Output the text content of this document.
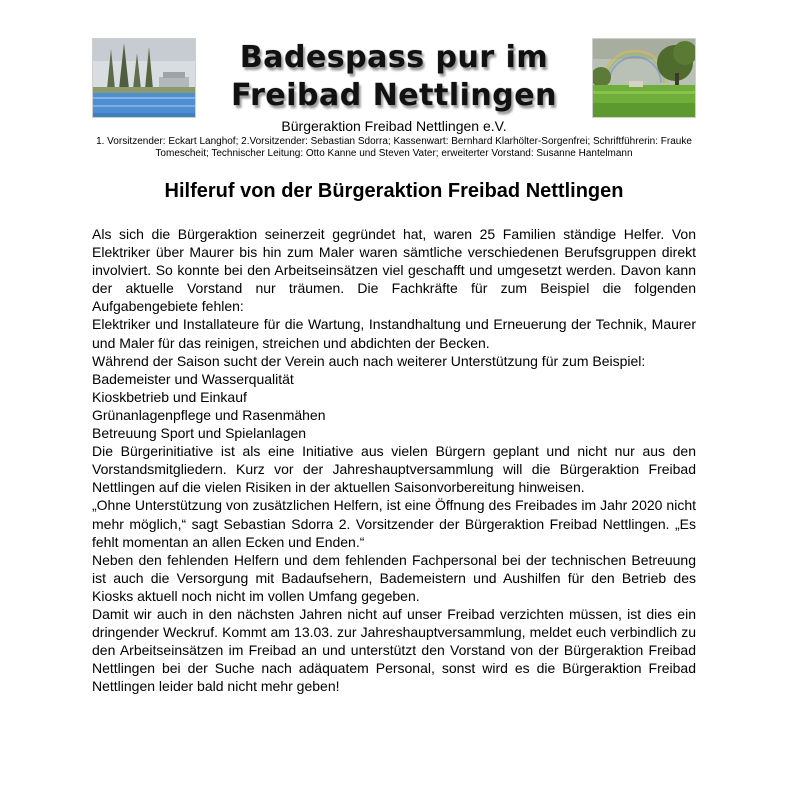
Badespass pur im
Freibad Nettlingen
Bürgeraktion Freibad Nettlingen e.V.
1. Vorsitzender: Eckart Langhof; 2.Vorsitzender: Sebastian Sdorra; Kassenwart: Bernhard Klarhölter-Sorgenfrei; Schriftführerin: Frauke Tomescheit; Technischer Leitung: Otto Kanne und Steven Vater; erweiterter Vorstand: Susanne Hantelmann
Hilferuf von der Bürgeraktion Freibad Nettlingen

Als sich die Bürgeraktion seinerzeit gegründet hat, waren 25 Familien ständige Helfer. Von Elektriker über Maurer bis hin zum Maler waren sämtliche verschiedenen Berufsgruppen direkt involviert. So konnte bei den Arbeitseinsätzen viel geschafft und umgesetzt werden. Davon kann der aktuelle Vorstand nur träumen. Die Fachkräfte für zum Beispiel die folgenden Aufgabengebiete fehlen:

Elektriker und Installateure für die Wartung, Instandhaltung und Erneuerung der Technik, Maurer und Maler für das reinigen, streichen und abdichten der Becken.

Während der Saison sucht der Verein auch nach weiterer Unterstützung für zum Beispiel:

Bademeister und Wasserqualität

Kioskbetrieb und Einkauf

Grünanlagenpflege und Rasenmähen

Betreuung Sport und Spielanlagen

Die Bürgerinitiative ist als eine Initiative aus vielen Bürgern geplant und nicht nur aus den Vorstandsmitgliedern. Kurz vor der Jahreshauptversammlung will die Bürgeraktion Freibad Nettlingen auf die vielen Risiken in der aktuellen Saisonvorbereitung hinweisen.

„Ohne Unterstützung von zusätzlichen Helfern, ist eine Öffnung des Freibades im Jahr 2020 nicht mehr möglich,“ sagt Sebastian Sdorra 2. Vorsitzender der Bürgeraktion Freibad Nettlingen. „Es fehlt momentan an allen Ecken und Enden.“

Neben den fehlenden Helfern und dem fehlenden Fachpersonal bei der technischen Betreuung ist auch die Versorgung mit Badaufsehern, Bademeistern und Aushilfen für den Betrieb des Kiosks aktuell noch nicht im vollen Umfang gegeben.

Damit wir auch in den nächsten Jahren nicht auf unser Freibad verzichten müssen, ist dies ein dringender Weckruf. Kommt am 13.03. zur Jahreshauptversammlung, meldet euch verbindlich zu den Arbeitseinsätzen im Freibad an und unterstützt den Vorstand von der Bürgeraktion Freibad Nettlingen bei der Suche nach adäquatem Personal, sonst wird es die Bürgeraktion Freibad Nettlingen leider bald nicht mehr geben!
